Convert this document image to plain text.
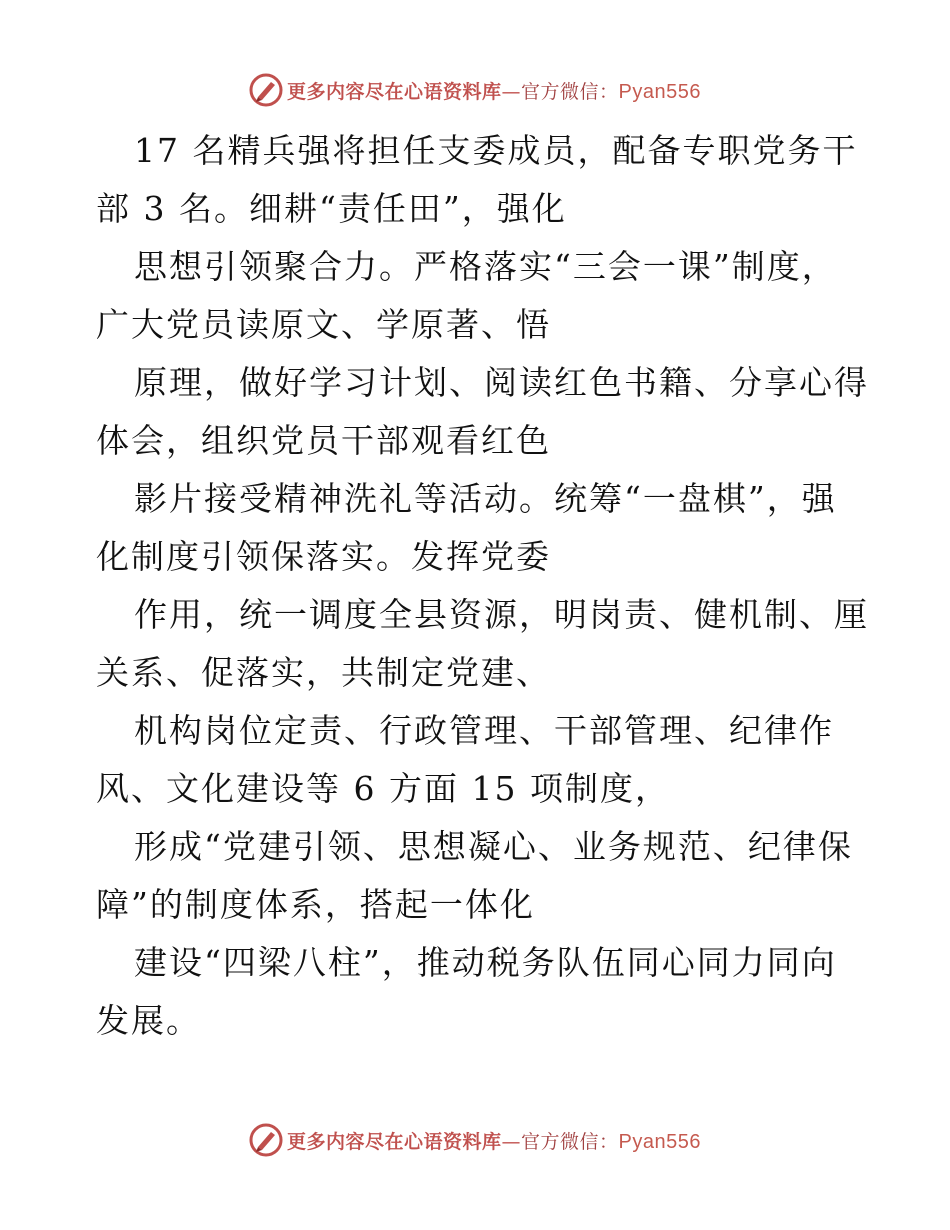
更多内容尽在心语资料库—官方微信：Pyan556
17 名精兵强将担任支委成员，配备专职党务干
部 3 名。细耕“责任田”，强化
思想引领聚合力。严格落实“三会一课”制度，
广大党员读原文、学原著、悟
原理，做好学习计划、阅读红色书籍、分享心得
体会，组织党员干部观看红色
影片接受精神洗礼等活动。统筹“一盘棋”，强
化制度引领保落实。发挥党委
作用，统一调度全县资源，明岗责、健机制、厘
关系、促落实，共制定党建、
机构岗位定责、行政管理、干部管理、纪律作
风、文化建设等 6 方面 15 项制度，
形成“党建引领、思想凝心、业务规范、纪律保
障”的制度体系，搭起一体化
建设“四梁八柱”，推动税务队伍同心同力同向
发展。
更多内容尽在心语资料库—官方微信：Pyan556
